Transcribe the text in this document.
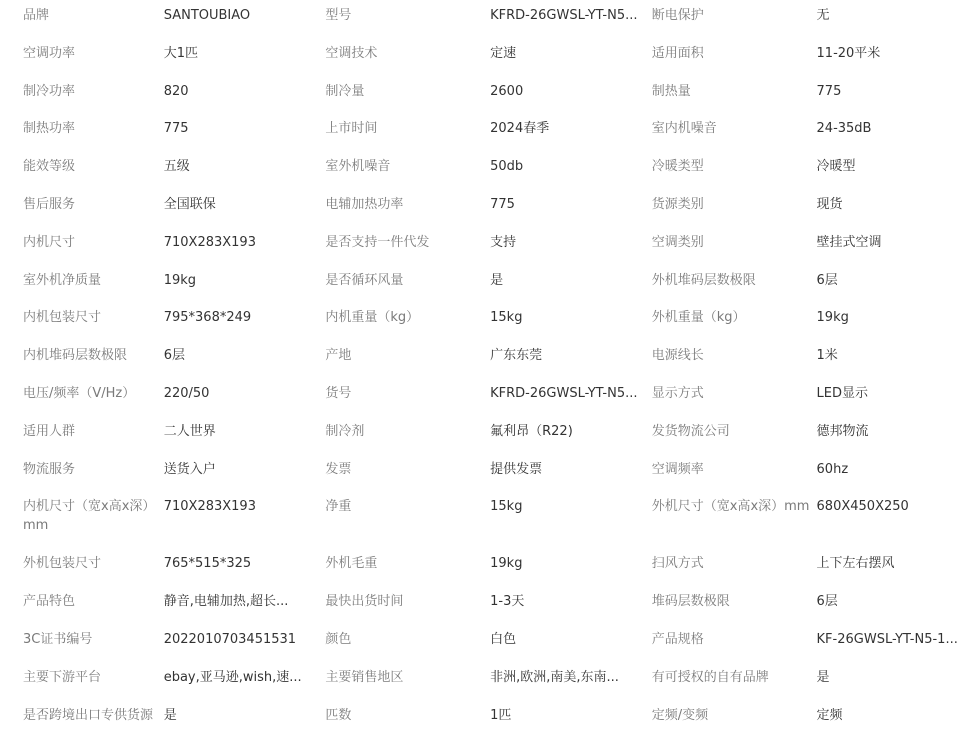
品牌	SANTOUBIAO	型号	KFRD-26GWSL-YT-N5...	断电保护	无
空调功率	大1匹	空调技术	定速	适用面积	11-20平米
制冷功率	820	制冷量	2600	制热量	775
制热功率	775	上市时间	2024春季	室内机噪音	24-35dB
能效等级	五级	室外机噪音	50db	冷暖类型	冷暖型
售后服务	全国联保	电辅加热功率	775	货源类别	现货
内机尺寸	710X283X193	是否支持一件代发	支持	空调类别	壁挂式空调
室外机净质量	19kg	是否循环风量	是	外机堆码层数极限	6层
内机包装尺寸	795*368*249	内机重量（kg）	15kg	外机重量（kg）	19kg
内机堆码层数极限	6层	产地	广东东莞	电源线长	1米
电压/频率（V/Hz）	220/50	货号	KFRD-26GWSL-YT-N5...	显示方式	LED显示
适用人群	二人世界	制冷剂	氟利昂（R22)	发货物流公司	德邦物流
物流服务	送货入户	发票	提供发票	空调频率	60hz
内机尺寸（宽x高x深）mm	710X283X193	净重	15kg	外机尺寸（宽x高x深）mm	680X450X250
外机包装尺寸	765*515*325	外机毛重	19kg	扫风方式	上下左右摆风
产品特色	静音,电辅加热,超长...	最快出货时间	1-3天	堆码层数极限	6层
3C证书编号	2022010703451531	颜色	白色	产品规格	KF-26GWSL-YT-N5-1...
主要下游平台	ebay,亚马逊,wish,速...	主要销售地区	非洲,欧洲,南美,东南...	有可授权的自有品牌	是
是否跨境出口专供货源	是	匹数	1匹	定频/变频	定频
